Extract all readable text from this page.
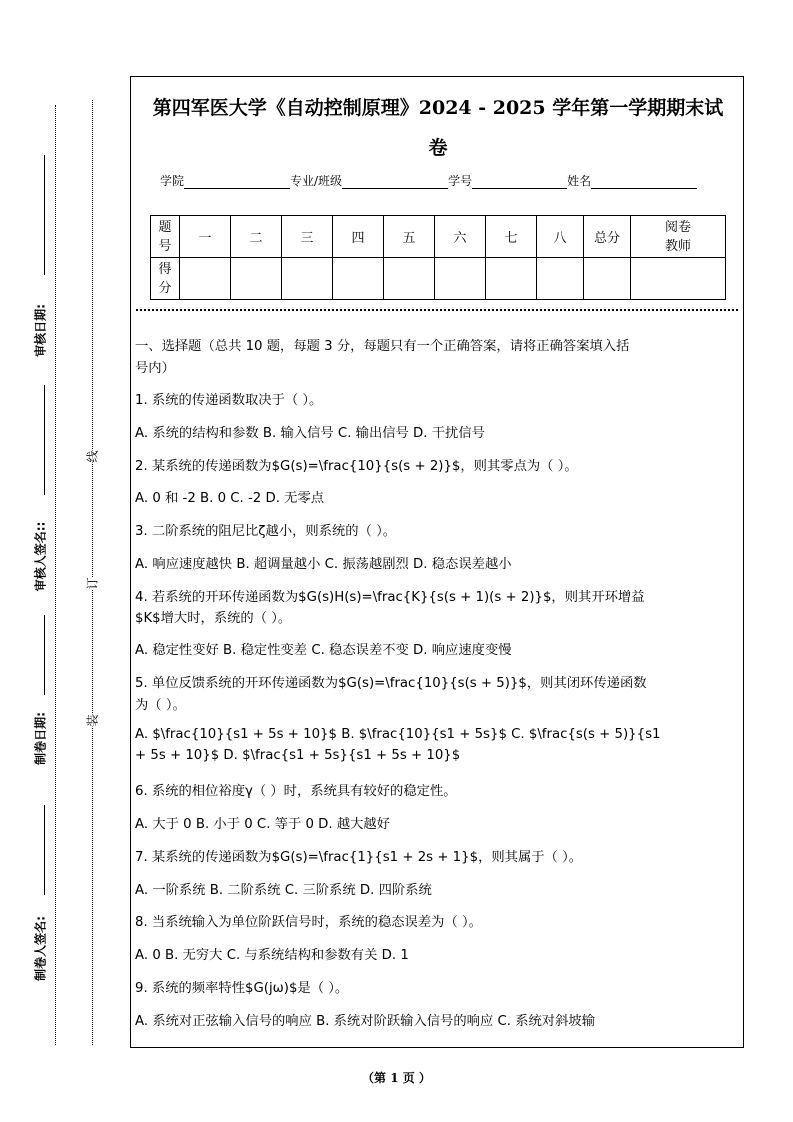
审核日期:
审核人签名::
制卷日期:
制卷人签名:
线
订
装
第四军医大学《自动控制原理》2024 - 2025 学年第一学期期末试
卷
学院	专业/班级	学号	姓名
题号	一	二	三	四	五	六	七	八	总分	阅卷教师
得分										
一、选择题（总共 10 题，每题 3 分，每题只有一个正确答案，请将正确答案填入括
号内）
1. 系统的传递函数取决于（ ）。
A. 系统的结构和参数 B. 输入信号 C. 输出信号 D. 干扰信号
2. 某系统的传递函数为$G(s)=\frac{10}{s(s + 2)}$，则其零点为（ ）。
A. 0 和 -2 B. 0 C. -2 D. 无零点
3. 二阶系统的阻尼比ζ越小，则系统的（ ）。
A. 响应速度越快 B. 超调量越小 C. 振荡越剧烈 D. 稳态误差越小
4. 若系统的开环传递函数为$G(s)H(s)=\frac{K}{s(s + 1)(s + 2)}$，则其开环增益
$K$增大时，系统的（ ）。
A. 稳定性变好 B. 稳定性变差 C. 稳态误差不变 D. 响应速度变慢
5. 单位反馈系统的开环传递函数为$G(s)=\frac{10}{s(s + 5)}$，则其闭环传递函数
为（ ）。
A. $\frac{10}{s1 + 5s + 10}$ B. $\frac{10}{s1 + 5s}$ C. $\frac{s(s + 5)}{s1
+ 5s + 10}$ D. $\frac{s1 + 5s}{s1 + 5s + 10}$
6. 系统的相位裕度γ（ ）时，系统具有较好的稳定性。
A. 大于 0 B. 小于 0 C. 等于 0 D. 越大越好
7. 某系统的传递函数为$G(s)=\frac{1}{s1 + 2s + 1}$，则其属于（ ）。
A. 一阶系统 B. 二阶系统 C. 三阶系统 D. 四阶系统
8. 当系统输入为单位阶跃信号时，系统的稳态误差为（ ）。
A. 0 B. 无穷大 C. 与系统结构和参数有关 D. 1
9. 系统的频率特性$G(jω)$是（ ）。
A. 系统对正弦输入信号的响应 B. 系统对阶跃输入信号的响应 C. 系统对斜坡输
（第 1 页 ）
